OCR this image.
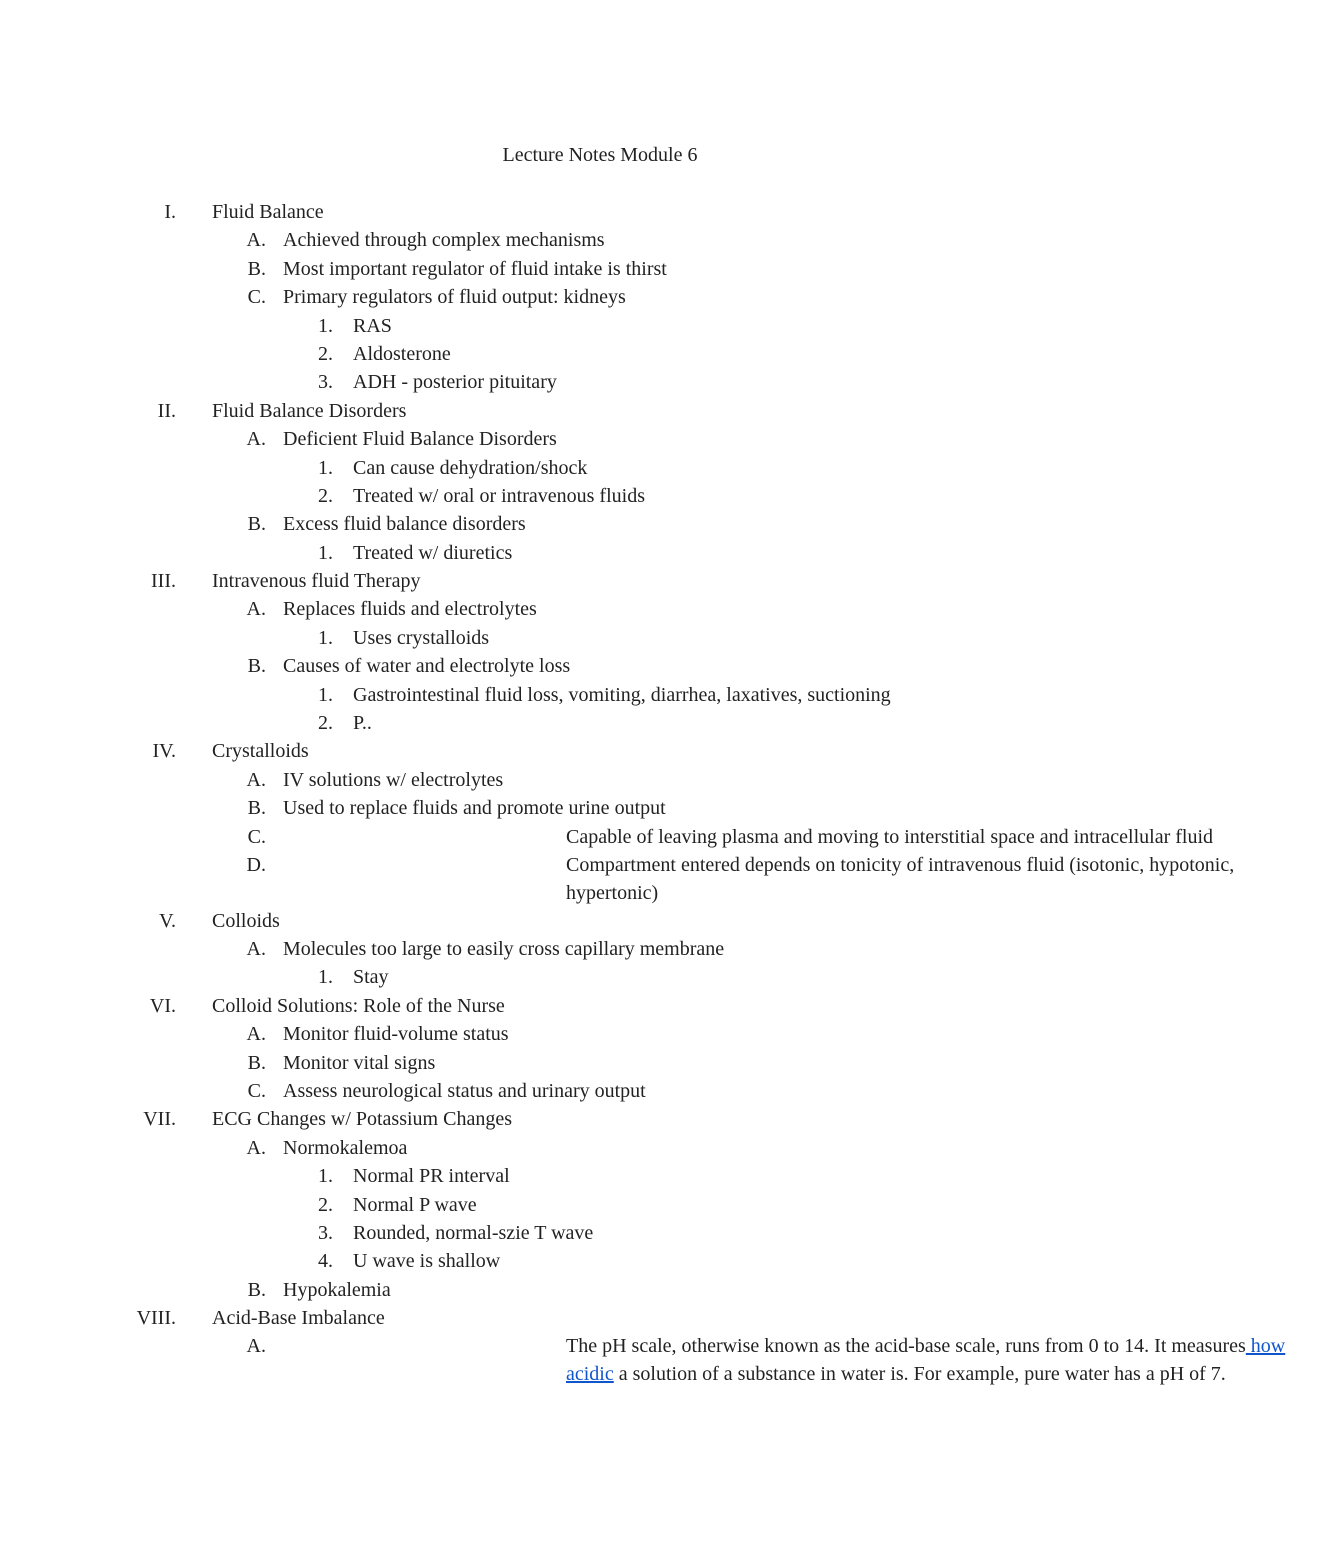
Lecture Notes Module 6
I. Fluid Balance
A. Achieved through complex mechanisms
B. Most important regulator of fluid intake is thirst
C. Primary regulators of fluid output: kidneys
1. RAS
2. Aldosterone
3. ADH - posterior pituitary
II. Fluid Balance Disorders
A. Deficient Fluid Balance Disorders
1. Can cause dehydration/shock
2. Treated w/ oral or intravenous fluids
B. Excess fluid balance disorders
1. Treated w/ diuretics
III. Intravenous fluid Therapy
A. Replaces fluids and electrolytes
1. Uses crystalloids
B. Causes of water and electrolyte loss
1. Gastrointestinal fluid loss, vomiting, diarrhea, laxatives, suctioning
2. P..
IV. Crystalloids
A. IV solutions w/ electrolytes
B. Used to replace fluids and promote urine output
C.	Capable of leaving plasma and moving to interstitial space and intracellular fluid
D.	Compartment entered depends on tonicity of intravenous fluid (isotonic, hypotonic, hypertonic)
V. Colloids
A. Molecules too large to easily cross capillary membrane
1. Stay
VI. Colloid Solutions: Role of the Nurse
A. Monitor fluid-volume status
B. Monitor vital signs
C. Assess neurological status and urinary output
VII. ECG Changes w/ Potassium Changes
A. Normokalemoa
1. Normal PR interval
2. Normal P wave
3. Rounded, normal-szie T wave
4. U wave is shallow
B. Hypokalemia
VIII. Acid-Base Imbalance
A.	The pH scale, otherwise known as the acid-base scale, runs from 0 to 14. It measures how acidic a solution of a substance in water is. For example, pure water has a pH of 7.
